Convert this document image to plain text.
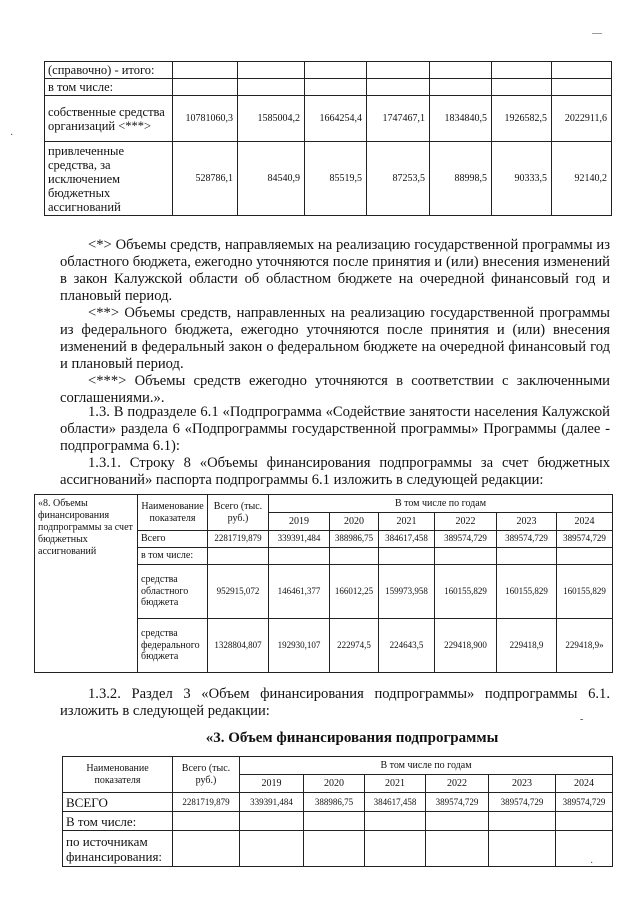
(справочно) - итого:							
в том числе:							
собственные средства организаций <***>	10781060,3	1585004,2	1664254,4	1747467,1	1834840,5	1926582,5	2022911,6
привлеченные средства, за исключением бюджетных ассигнований	528786,1	84540,9	85519,5	87253,5	88998,5	90333,5	92140,2

<*> Объемы средств, направляемых на реализацию государственной программы из областного бюджета, ежегодно уточняются после принятия и (или) внесения изменений в закон Калужской области об областном бюджете на очередной финансовый год и плановый период.

<**> Объемы средств, направленных на реализацию государственной программы из федерального бюджета, ежегодно уточняются после принятия и (или) внесения изменений в федеральный закон о федеральном бюджете на очередной финансовый год и плановый период.

<***> Объемы средств ежегодно уточняются в соответствии с заключенными соглашениями.».

1.3. В подразделе 6.1 «Подпрограмма «Содействие занятости населения Калужской области» раздела 6 «Подпрограммы государственной программы» Программы (далее - подпрограмма 6.1):

1.3.1. Строку 8 «Объемы финансирования подпрограммы за счет бюджетных ассигнований» паспорта подпрограммы 6.1 изложить в следующей редакции:

«8. Объемы финансирования подпрограммы за счет бюджетных ассигнований	Наименование показателя	Всего (тыс. руб.)	В том числе по годам					
			2019	2020	2021	2022	2023	2024
	Всего	2281719,879	339391,484	388986,75	384617,458	389574,729	389574,729	389574,729
	в том числе:							
	средства областного бюджета	952915,072	146461,377	166012,25	159973,958	160155,829	160155,829	160155,829
	средства федерального бюджета	1328804,807	192930,107	222974,5	224643,5	229418,900	229418,9	229418,9»

1.3.2. Раздел 3 «Объем финансирования подпрограммы» подпрограммы 6.1. изложить в следующей редакции:

«3. Объем финансирования подпрограммы
Наименование показателя	Всего (тыс. руб.)	В том числе по годам					
		2019	2020	2021	2022	2023	2024
ВСЕГО	2281719,879	339391,484	388986,75	384617,458	389574,729	389574,729	389574,729
В том числе:							
по источникам финансирования:							
—
·
-
·
